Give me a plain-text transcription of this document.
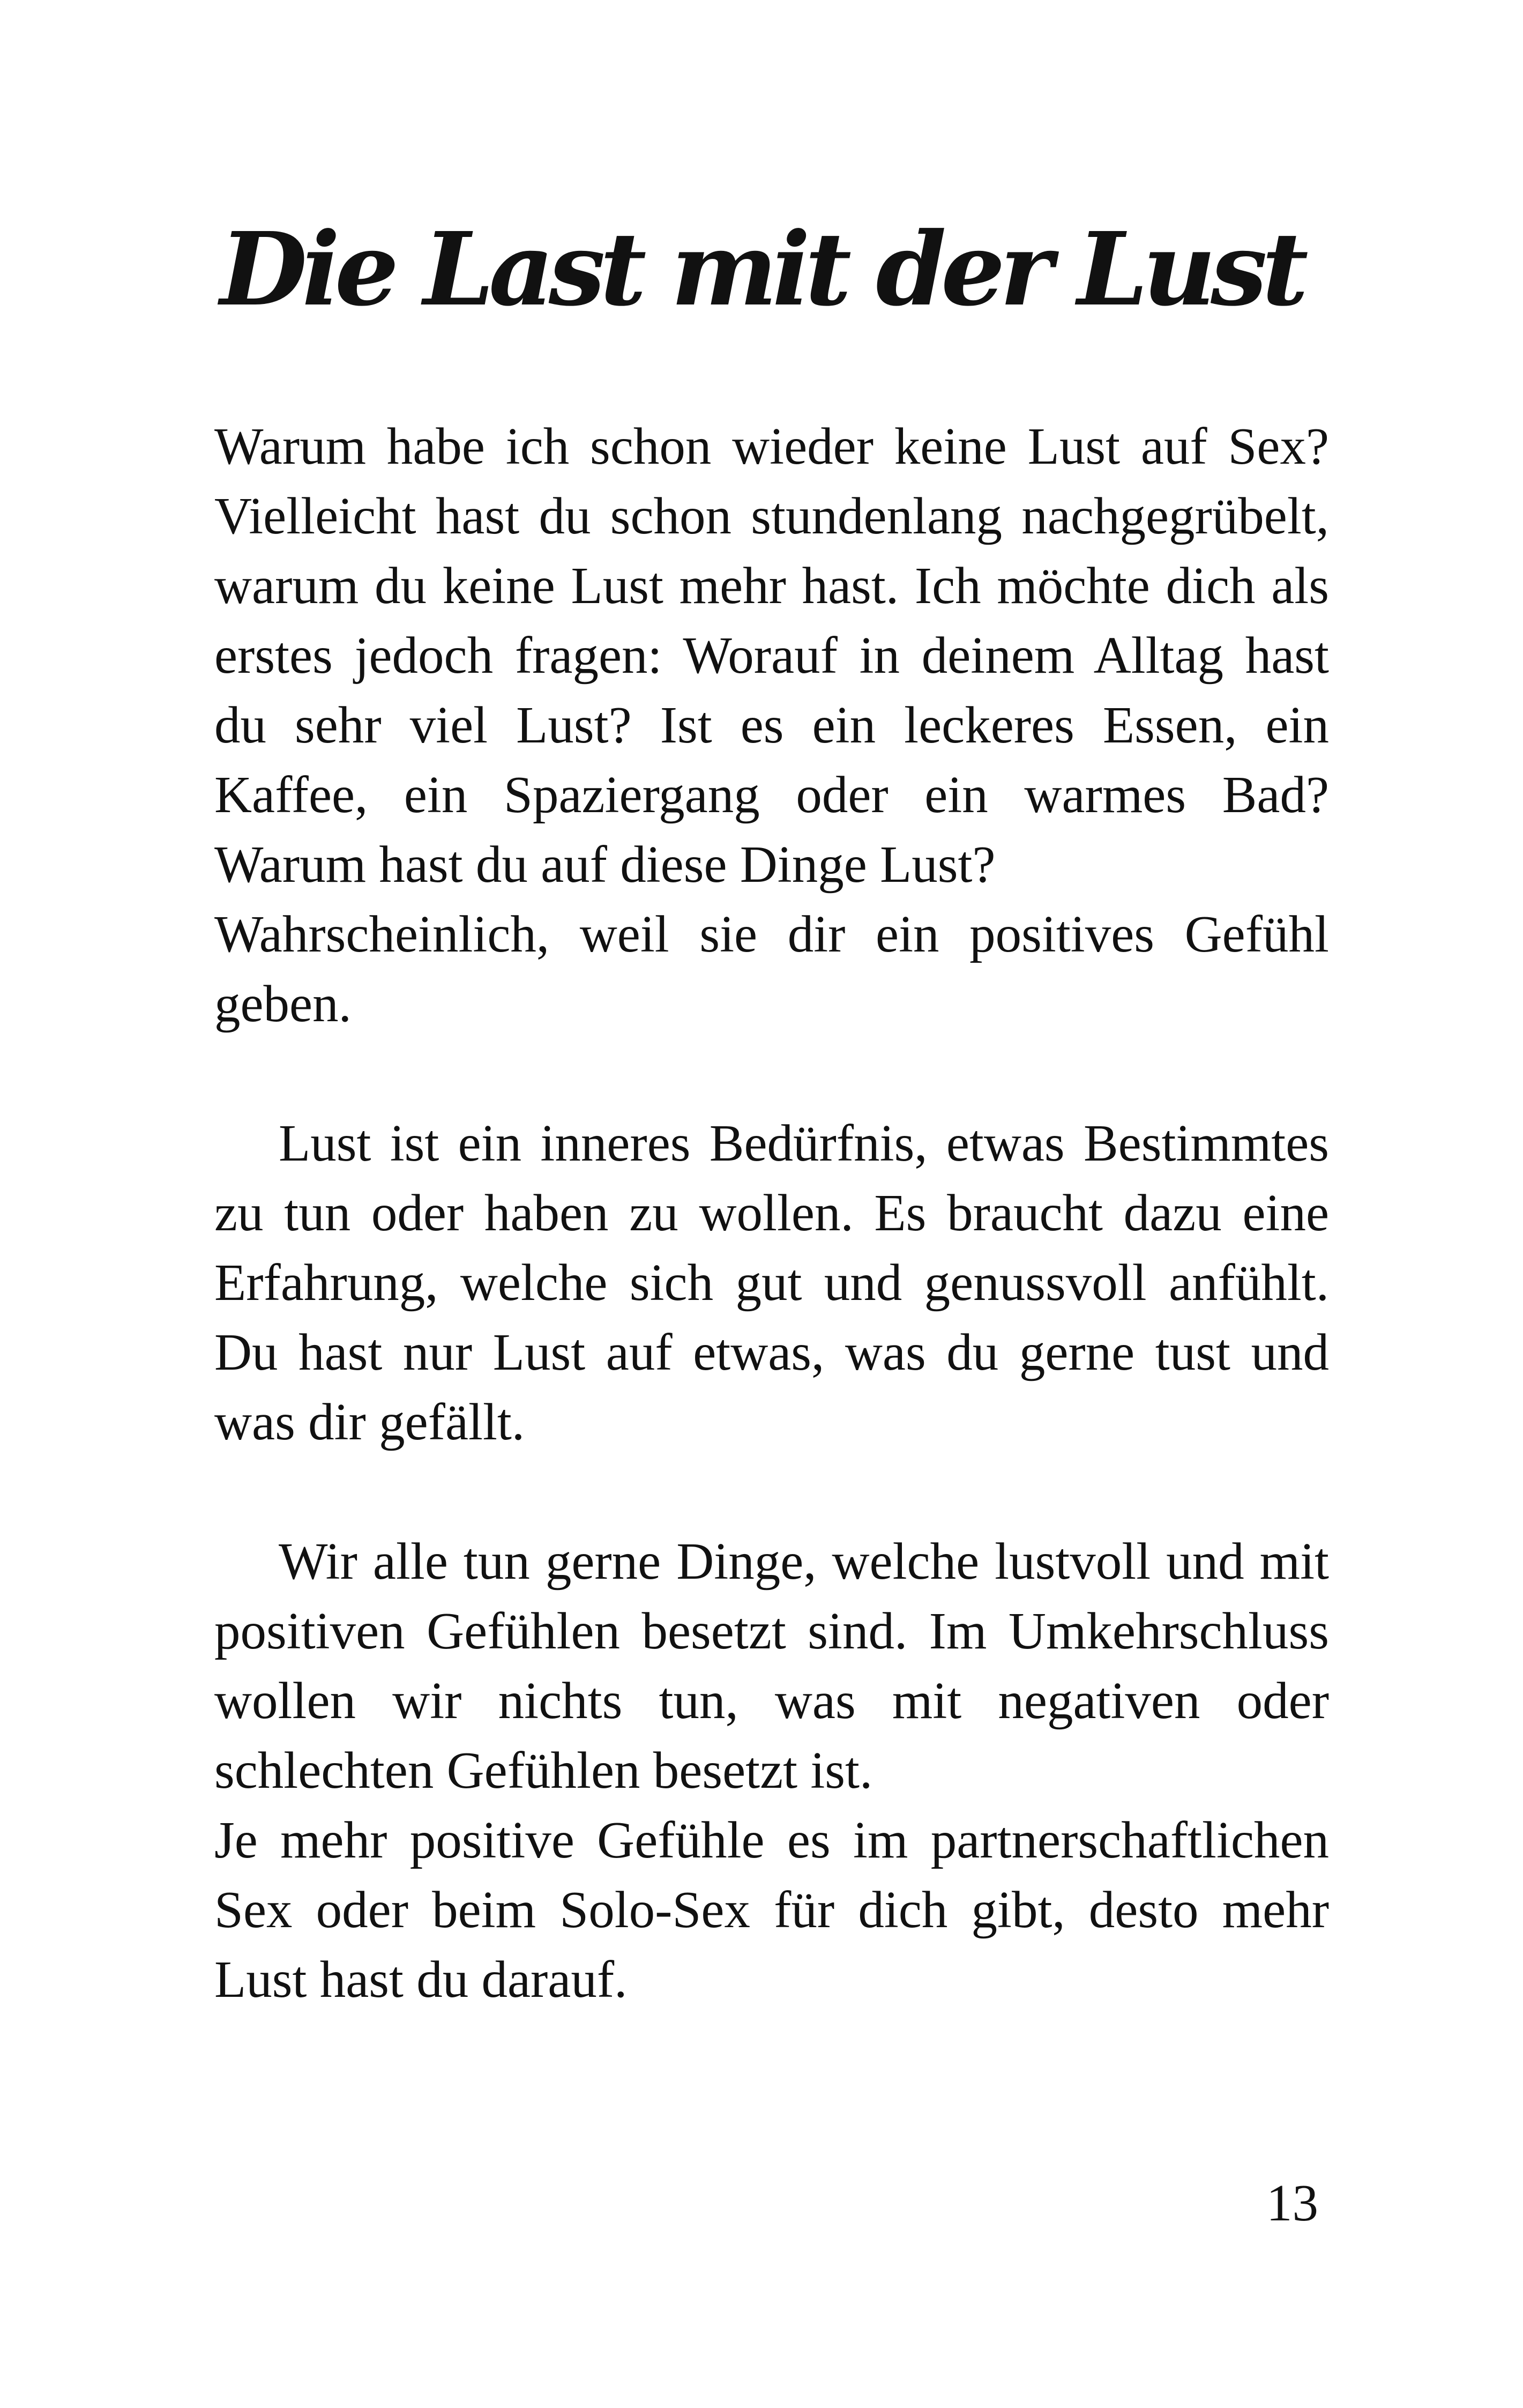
Die Last mit der Lust

Warum habe ich schon wieder keine Lust auf Sex? Vielleicht hast du schon stundenlang nachgegrübelt, warum du keine Lust mehr hast. Ich möchte dich als erstes jedoch fragen: Worauf in deinem Alltag hast du sehr viel Lust? Ist es ein leckeres Essen, ein Kaffee, ein Spaziergang oder ein warmes Bad? Warum hast du auf diese Dinge Lust?

Wahrscheinlich, weil sie dir ein positives Gefühl geben.

Lust ist ein inneres Bedürfnis, etwas Bestimmtes zu tun oder haben zu wollen. Es braucht dazu eine Erfahrung, welche sich gut und genussvoll anfühlt. Du hast nur Lust auf etwas, was du gerne tust und was dir gefällt.

Wir alle tun gerne Dinge, welche lustvoll und mit positiven Gefühlen besetzt sind. Im Umkehrschluss wollen wir nichts tun, was mit negativen oder schlechten Gefühlen besetzt ist.

Je mehr positive Gefühle es im partnerschaftlichen Sex oder beim Solo-Sex für dich gibt, desto mehr Lust hast du darauf.

13
